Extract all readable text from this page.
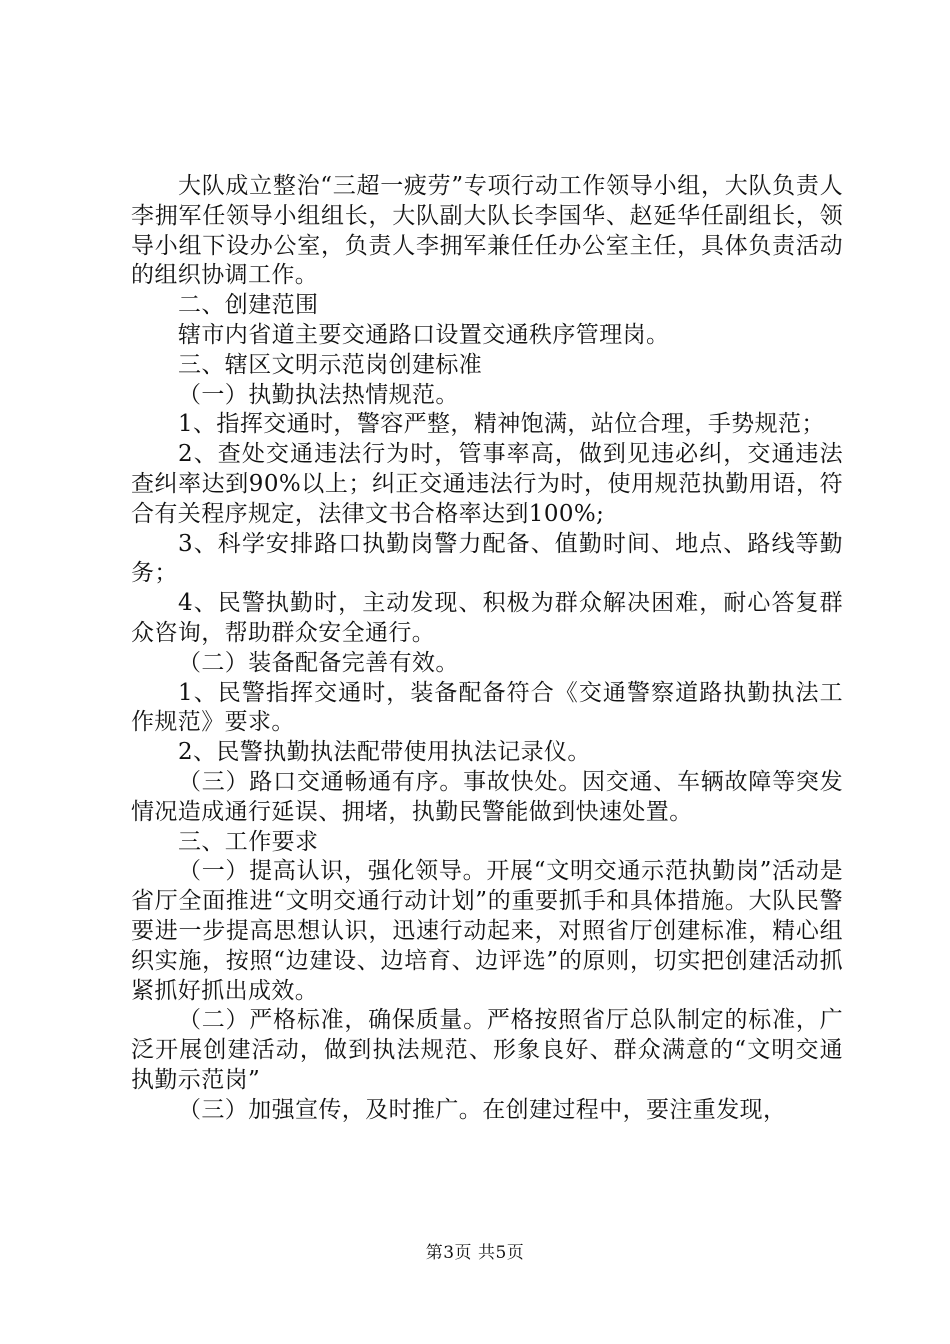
大队成立整治“三超一疲劳”专项行动工作领导小组，大队负责人李拥军任领导小组组长，大队副大队长李国华、赵延华任副组长，领导小组下设办公室，负责人李拥军兼任任办公室主任，具体负责活动的组织协调工作。

二、创建范围

辖市内省道主要交通路口设置交通秩序管理岗。

三、辖区文明示范岗创建标准

（一）执勤执法热情规范。

1、指挥交通时，警容严整，精神饱满，站位合理，手势规范；

2、查处交通违法行为时，管事率高，做到见违必纠，交通违法查纠率达到90%以上；纠正交通违法行为时，使用规范执勤用语，符合有关程序规定，法律文书合格率达到100%;

3、科学安排路口执勤岗警力配备、值勤时间、地点、路线等勤务；

4、民警执勤时，主动发现、积极为群众解决困难，耐心答复群众咨询，帮助群众安全通行。

（二）装备配备完善有效。

1、民警指挥交通时，装备配备符合《交通警察道路执勤执法工作规范》要求。

2、民警执勤执法配带使用执法记录仪。

（三）路口交通畅通有序。事故快处。因交通、车辆故障等突发情况造成通行延误、拥堵，执勤民警能做到快速处置。

三、工作要求

（一）提高认识，强化领导。开展“文明交通示范执勤岗”活动是省厅全面推进“文明交通行动计划”的重要抓手和具体措施。大队民警要进一步提高思想认识，迅速行动起来，对照省厅创建标准，精心组织实施，按照“边建设、边培育、边评选”的原则，切实把创建活动抓紧抓好抓出成效。

（二）严格标准，确保质量。严格按照省厅总队制定的标准，广泛开展创建活动，做到执法规范、形象良好、群众满意的“文明交通执勤示范岗”

（三）加强宣传，及时推广。在创建过程中，要注重发现，

第3页 共5页
